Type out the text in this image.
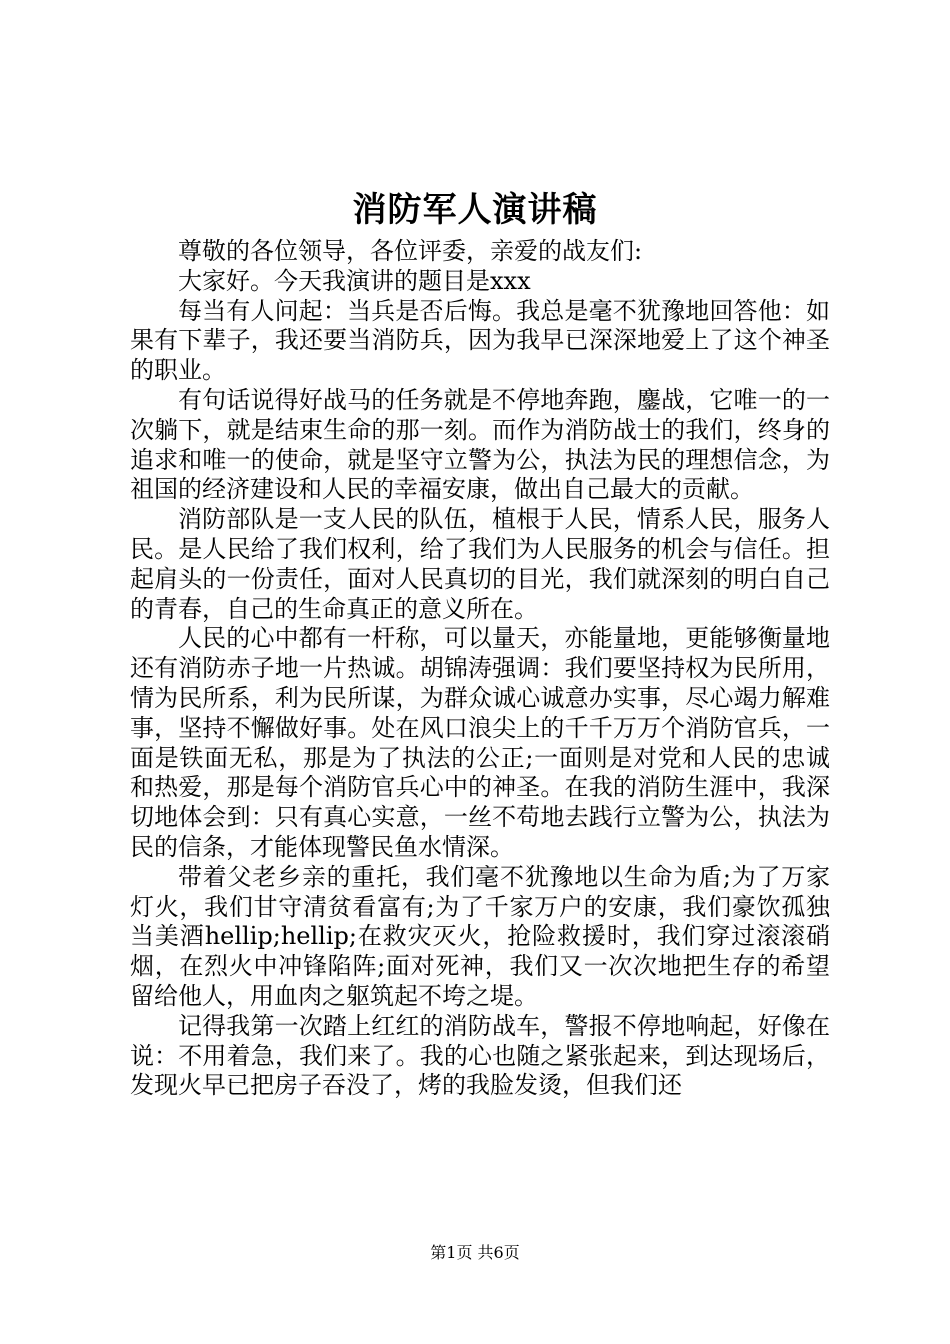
消防军人演讲稿

尊敬的各位领导，各位评委，亲爱的战友们:

大家好。今天我演讲的题目是xxx

每当有人问起：当兵是否后悔。我总是毫不犹豫地回答他：如果有下辈子，我还要当消防兵，因为我早已深深地爱上了这个神圣的职业。

有句话说得好战马的任务就是不停地奔跑，鏖战，它唯一的一次躺下，就是结束生命的那一刻。而作为消防战士的我们，终身的追求和唯一的使命，就是坚守立警为公，执法为民的理想信念，为祖国的经济建设和人民的幸福安康，做出自己最大的贡献。

消防部队是一支人民的队伍，植根于人民，情系人民，服务人民。是人民给了我们权利，给了我们为人民服务的机会与信任。担起肩头的一份责任，面对人民真切的目光，我们就深刻的明白自己的青春，自己的生命真正的意义所在。

人民的心中都有一杆称，可以量天，亦能量地，更能够衡量地还有消防赤子地一片热诚。胡锦涛强调：我们要坚持权为民所用，情为民所系，利为民所谋，为群众诚心诚意办实事，尽心竭力解难事，坚持不懈做好事。处在风口浪尖上的千千万万个消防官兵，一面是铁面无私，那是为了执法的公正;一面则是对党和人民的忠诚和热爱，那是每个消防官兵心中的神圣。在我的消防生涯中，我深切地体会到：只有真心实意，一丝不苟地去践行立警为公，执法为民的信条，才能体现警民鱼水情深。

带着父老乡亲的重托，我们毫不犹豫地以生命为盾;为了万家灯火，我们甘守清贫看富有;为了千家万户的安康，我们豪饮孤独当美酒hellip;hellip;在救灾灭火，抢险救援时，我们穿过滚滚硝烟，在烈火中冲锋陷阵;面对死神，我们又一次次地把生存的希望留给他人，用血肉之躯筑起不垮之堤。

记得我第一次踏上红红的消防战车，警报不停地响起，好像在说：不用着急，我们来了。我的心也随之紧张起来，到达现场后，发现火早已把房子吞没了，烤的我脸发烫，但我们还

第1页 共6页
